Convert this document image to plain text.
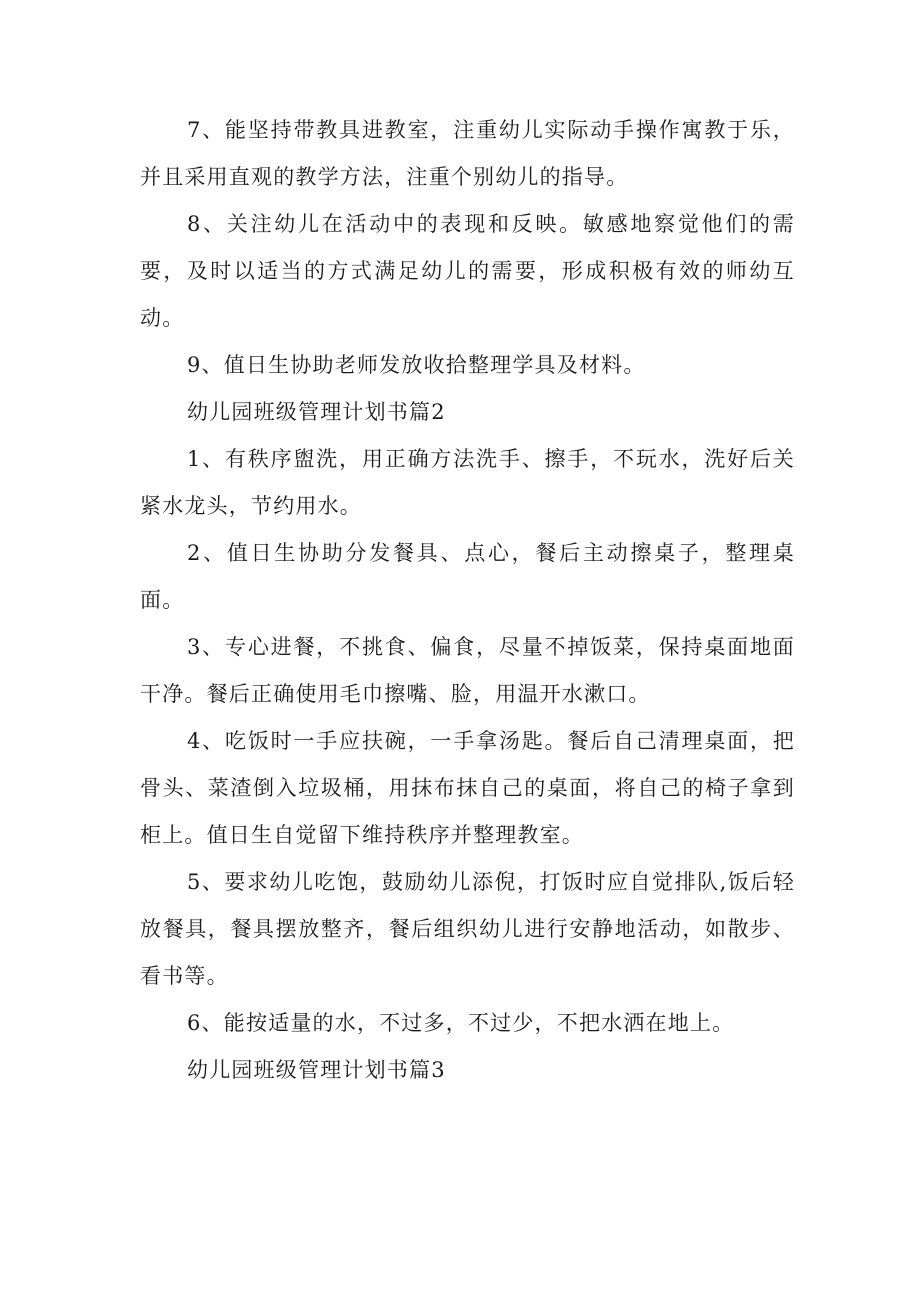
7、能坚持带教具进教室，注重幼儿实际动手操作寓教于乐，并且采用直观的教学方法，注重个别幼儿的指导。

8、关注幼儿在活动中的表现和反映。敏感地察觉他们的需要，及时以适当的方式满足幼儿的需要，形成积极有效的师幼互动。

9、值日生协助老师发放收拾整理学具及材料。

幼儿园班级管理计划书篇2

1、有秩序盥洗，用正确方法洗手、擦手，不玩水，洗好后关紧水龙头，节约用水。

2、值日生协助分发餐具、点心，餐后主动擦桌子，整理桌面。

3、专心进餐，不挑食、偏食，尽量不掉饭菜，保持桌面地面干净。餐后正确使用毛巾擦嘴、脸，用温开水漱口。

4、吃饭时一手应扶碗，一手拿汤匙。餐后自己清理桌面，把骨头、菜渣倒入垃圾桶，用抹布抹自己的桌面，将自己的椅子拿到柜上。值日生自觉留下维持秩序并整理教室。

5、要求幼儿吃饱，鼓励幼儿添倪，打饭时应自觉排队,饭后轻放餐具，餐具摆放整齐，餐后组织幼儿进行安静地活动，如散步、看书等。

6、能按适量的水，不过多，不过少，不把水洒在地上。

幼儿园班级管理计划书篇3
